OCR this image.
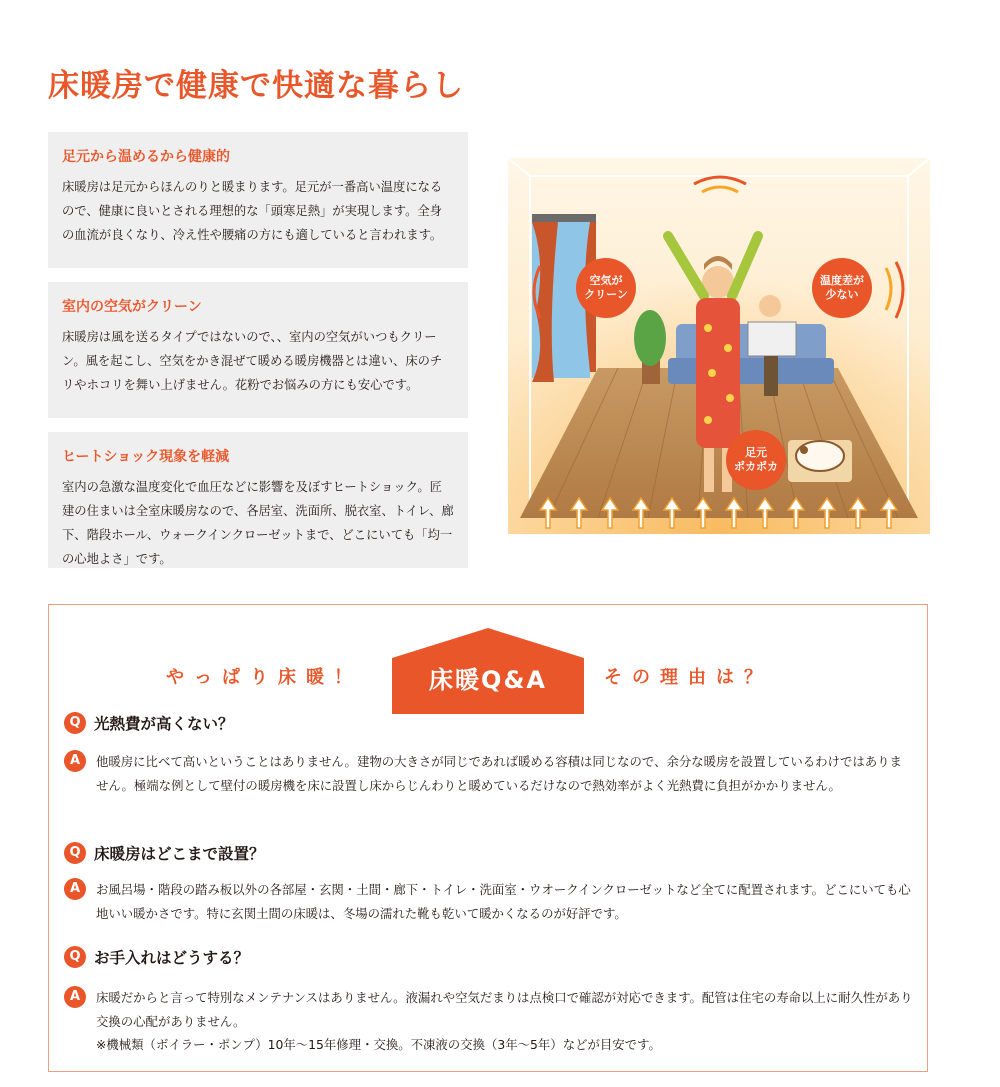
床暖房で健康で快適な暮らし
足元から温めるから健康的

床暖房は足元からほんのりと暖まります。足元が一番高い温度になるので、健康に良いとされる理想的な「頭寒足熱」が実現します。全身の血流が良くなり、冷え性や腰痛の方にも適していると言われます。

室内の空気がクリーン

床暖房は風を送るタイプではないので、、室内の空気がいつもクリーン。風を起こし、空気をかき混ぜて暖める暖房機器とは違い、床のチリやホコリを舞い上げません。花粉でお悩みの方にも安心です。

ヒートショック現象を軽減

室内の急激な温度変化で血圧などに影響を及ぼすヒートショック。匠建の住まいは全室床暖房なので、各居室、洗面所、脱衣室、トイレ、廊下、階段ホール、ウォークインクローゼットまで、どこにいても「均一の心地よさ」です。

空気が
クリーン
温度差が
少ない
足元
ポカポカ
やっぱり床暖！	床暖Q&A	その理由は？
Q 光熱費が高くない？
A	他暖房に比べて高いということはありません。建物の大きさが同じであれば暖める容積は同じなので、余分な暖房を設置しているわけではありません。極端な例として壁付の暖房機を床に設置し床からじんわりと暖めているだけなので熱効率がよく光熱費に負担がかかりません。
Q 床暖房はどこまで設置？
A	お風呂場・階段の踏み板以外の各部屋・玄関・土間・廊下・トイレ・洗面室・ウオークインクローゼットなど全てに配置されます。どこにいても心地いい暖かさです。特に玄関土間の床暖は、冬場の濡れた靴も乾いて暖かくなるのが好評です。
Q お手入れはどうする？
A	床暖だからと言って特別なメンテナンスはありません。液漏れや空気だまりは点検口で確認が対応できます。配管は住宅の寿命以上に耐久性があり交換の心配がありません。
※機械類（ボイラー・ポンプ）10年～15年修理・交換。不凍液の交換（3年～5年）などが目安です。
